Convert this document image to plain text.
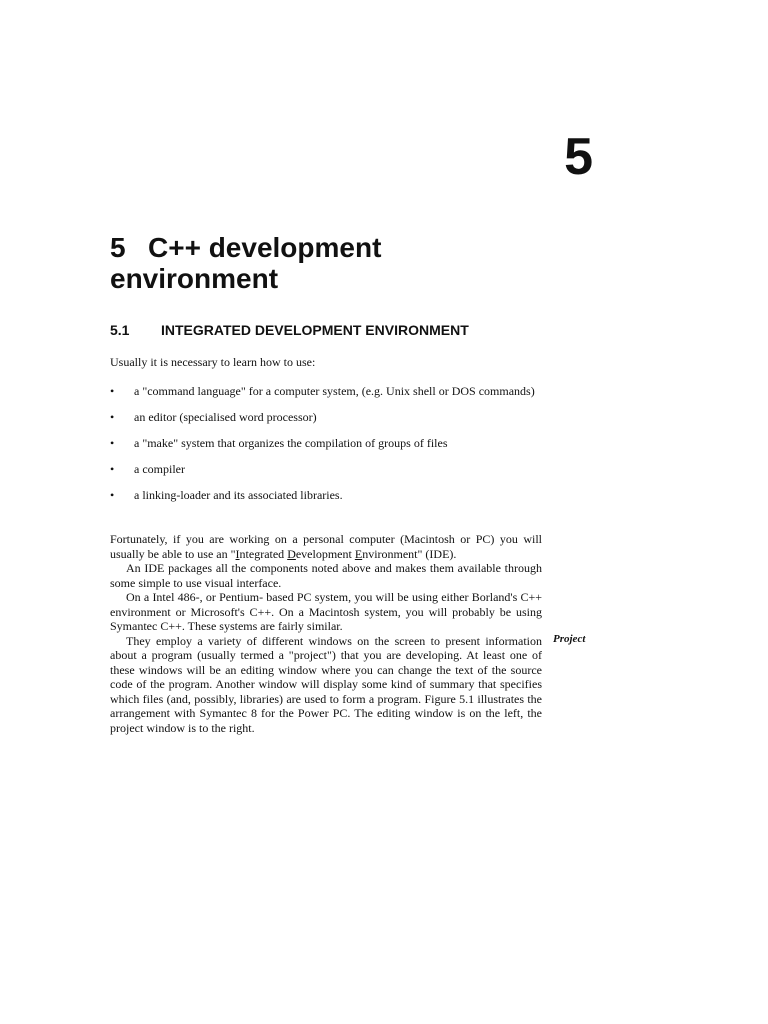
5
5 C++ development environment
5.1 INTEGRATED DEVELOPMENT ENVIRONMENT

Usually it is necessary to learn how to use:

• a "command language" for a computer system, (e.g. Unix shell or DOS commands)
• an editor (specialised word processor)
• a "make" system that organizes the compilation of groups of files
• a compiler
• a linking-loader and its associated libraries.

Fortunately, if you are working on a personal computer (Macintosh or PC) you will usually be able to use an "Integrated Development Environment" (IDE).

An IDE packages all the components noted above and makes them available through some simple to use visual interface.

On a Intel 486-, or Pentium- based PC system, you will be using either Borland's C++ environment or Microsoft's C++. On a Macintosh system, you will probably be using Symantec C++. These systems are fairly similar.

They employ a variety of different windows on the screen to present information about a program (usually termed a "project") that you are developing. At least one of these windows will be an editing window where you can change the text of the source code of the program. Another window will display some kind of summary that specifies which files (and, possibly, libraries) are used to form a program. Figure 5.1 illustrates the arrangement with Symantec 8 for the Power PC. The editing window is on the left, the project window is to the right.

Project
